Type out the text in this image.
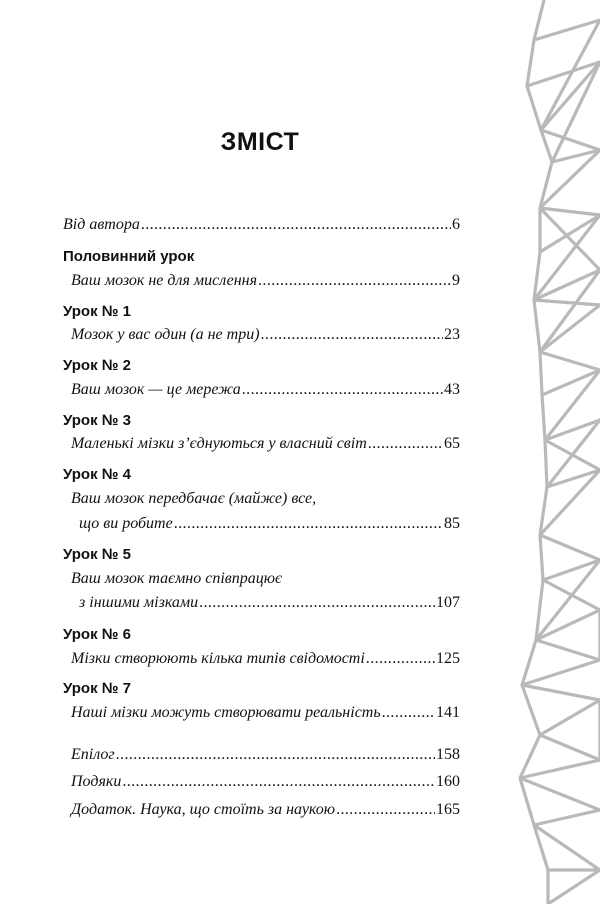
ЗМІСТ
Від автора .....	6
Половинний урок
Ваш мозок не для мислення .....	9
Урок № 1
Мозок у вас один (а не три) .....	23
Урок № 2
Ваш мозок — це мережа .....	43
Урок № 3
Маленькі мізки з’єднуються у власний світ .....	65
Урок № 4
Ваш мозок передбачає (майже) все,
що ви робите .....	85
Урок № 5
Ваш мозок таємно співпрацює
з іншими мізками .....	107
Урок № 6
Мізки створюють кілька типів свідомості .....	125
Урок № 7
Наші мізки можуть створювати реальність .....	141
Епілог .....	158
Подяки .....	160
Додаток. Наука, що стоїть за наукою .....	165
